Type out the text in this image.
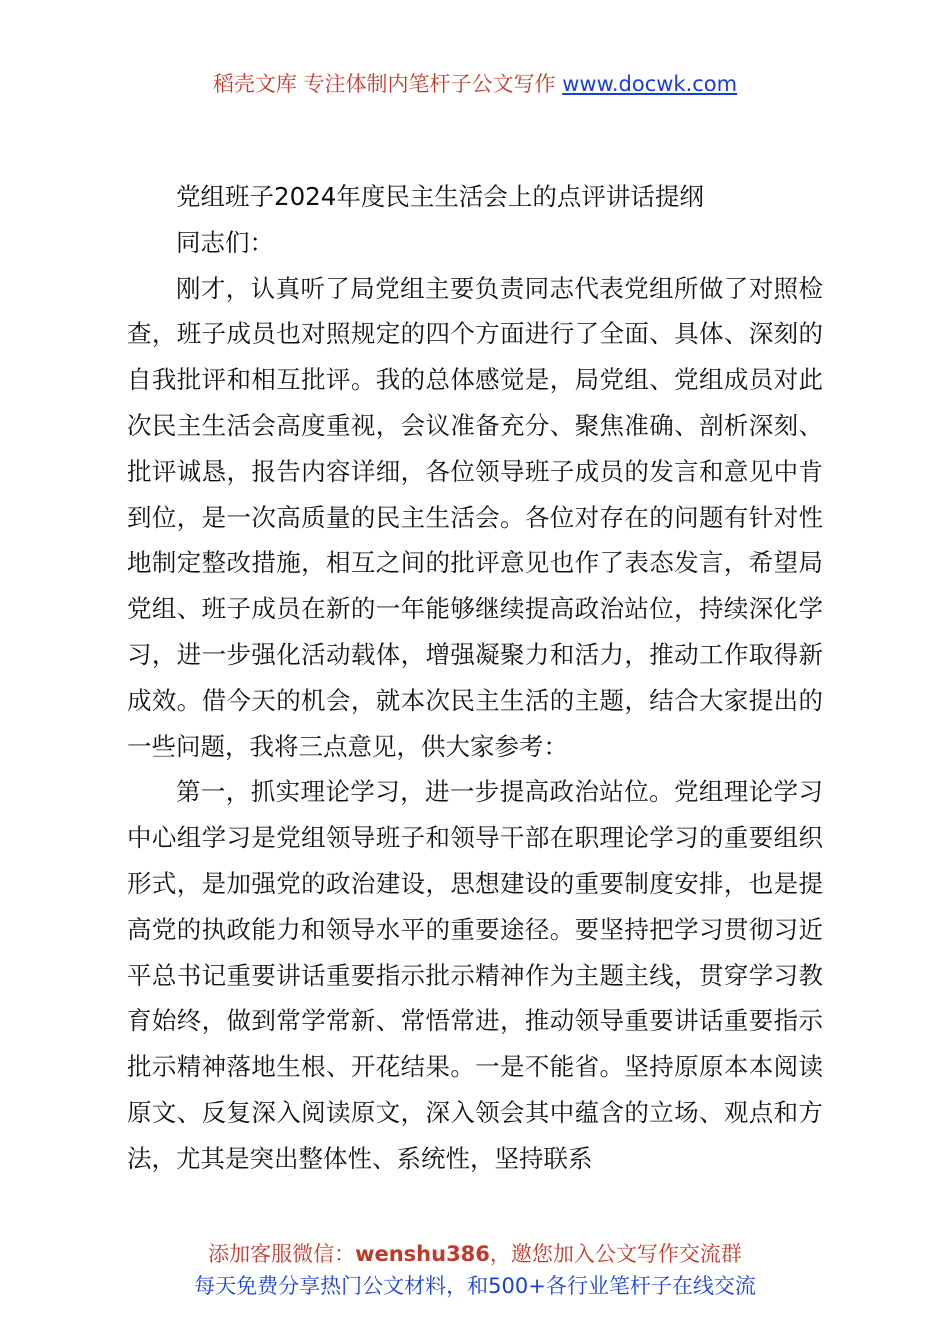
稻壳文库 专注体制内笔杆子公文写作 www.docwk.com

党组班子2024年度民主生活会上的点评讲话提纲

同志们：

刚才，认真听了局党组主要负责同志代表党组所做了对照检查，班子成员也对照规定的四个方面进行了全面、具体、深刻的自我批评和相互批评。我的总体感觉是，局党组、党组成员对此次民主生活会高度重视，会议准备充分、聚焦准确、剖析深刻、批评诚恳，报告内容详细，各位领导班子成员的发言和意见中肯到位，是一次高质量的民主生活会。各位对存在的问题有针对性地制定整改措施，相互之间的批评意见也作了表态发言，希望局党组、班子成员在新的一年能够继续提高政治站位，持续深化学习，进一步强化活动载体，增强凝聚力和活力，推动工作取得新成效。借今天的机会，就本次民主生活的主题，结合大家提出的一些问题，我将三点意见，供大家参考：

第一，抓实理论学习，进一步提高政治站位。党组理论学习中心组学习是党组领导班子和领导干部在职理论学习的重要组织形式，是加强党的政治建设，思想建设的重要制度安排，也是提高党的执政能力和领导水平的重要途径。要坚持把学习贯彻习近平总书记重要讲话重要指示批示精神作为主题主线，贯穿学习教育始终，做到常学常新、常悟常进，推动领导重要讲话重要指示批示精神落地生根、开花结果。一是不能省。坚持原原本本阅读原文、反复深入阅读原文，深入领会其中蕴含的立场、观点和方法，尤其是突出整体性、系统性，坚持联系

添加客服微信：wenshu386，邀您加入公文写作交流群
每天免费分享热门公文材料，和500+各行业笔杆子在线交流
